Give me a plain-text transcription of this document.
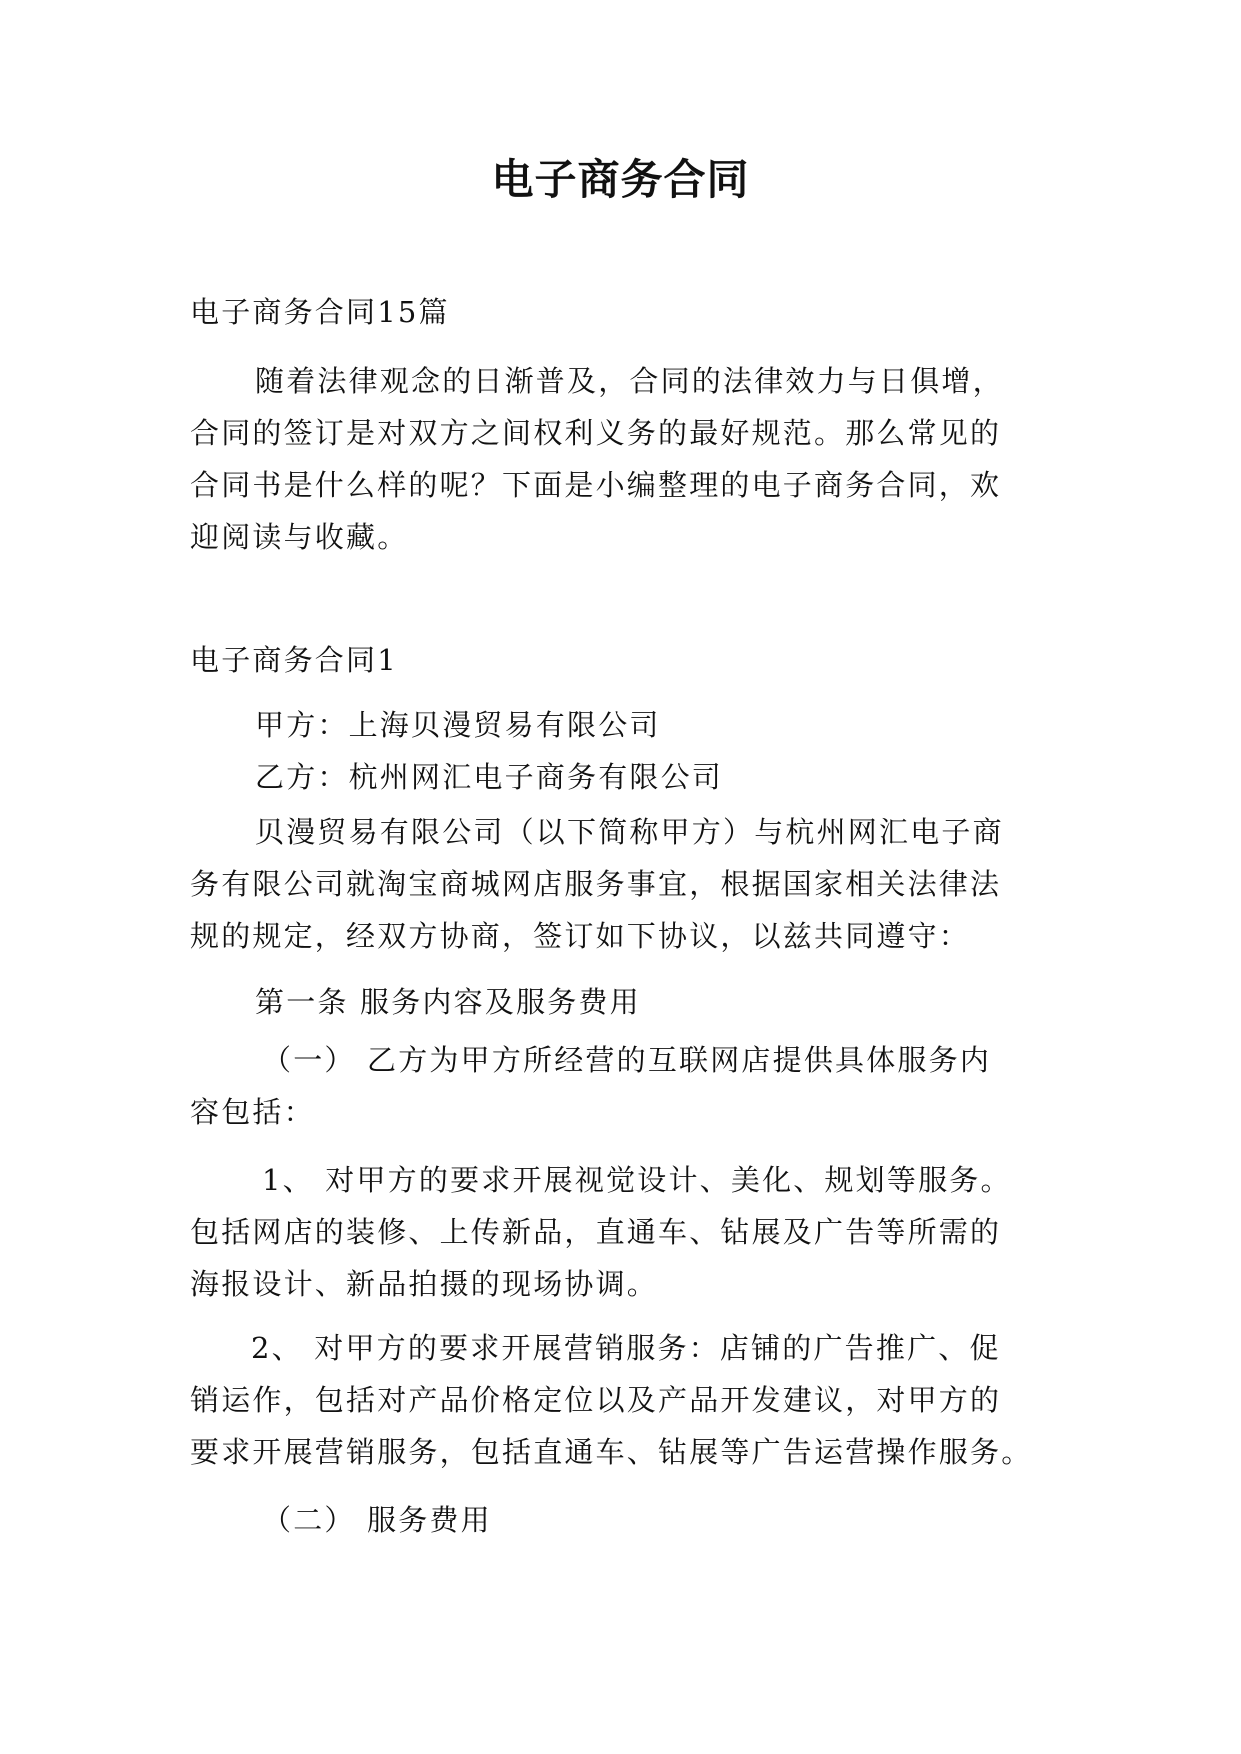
电子商务合同
电子商务合同15篇
随着法律观念的日渐普及，合同的法律效力与日俱增，
合同的签订是对双方之间权利义务的最好规范。那么常见的
合同书是什么样的呢？下面是小编整理的电子商务合同，欢
迎阅读与收藏。
电子商务合同1
甲方：上海贝漫贸易有限公司
乙方：杭州网汇电子商务有限公司
贝漫贸易有限公司（以下简称甲方）与杭州网汇电子商
务有限公司就淘宝商城网店服务事宜，根据国家相关法律法
规的规定，经双方协商，签订如下协议，以兹共同遵守：
第一条 服务内容及服务费用
（一） 乙方为甲方所经营的互联网店提供具体服务内
容包括：
1、 对甲方的要求开展视觉设计、美化、规划等服务。
包括网店的装修、上传新品，直通车、钻展及广告等所需的
海报设计、新品拍摄的现场协调。
2、 对甲方的要求开展营销服务：店铺的广告推广、促
销运作，包括对产品价格定位以及产品开发建议，对甲方的
要求开展营销服务，包括直通车、钻展等广告运营操作服务。
（二） 服务费用
